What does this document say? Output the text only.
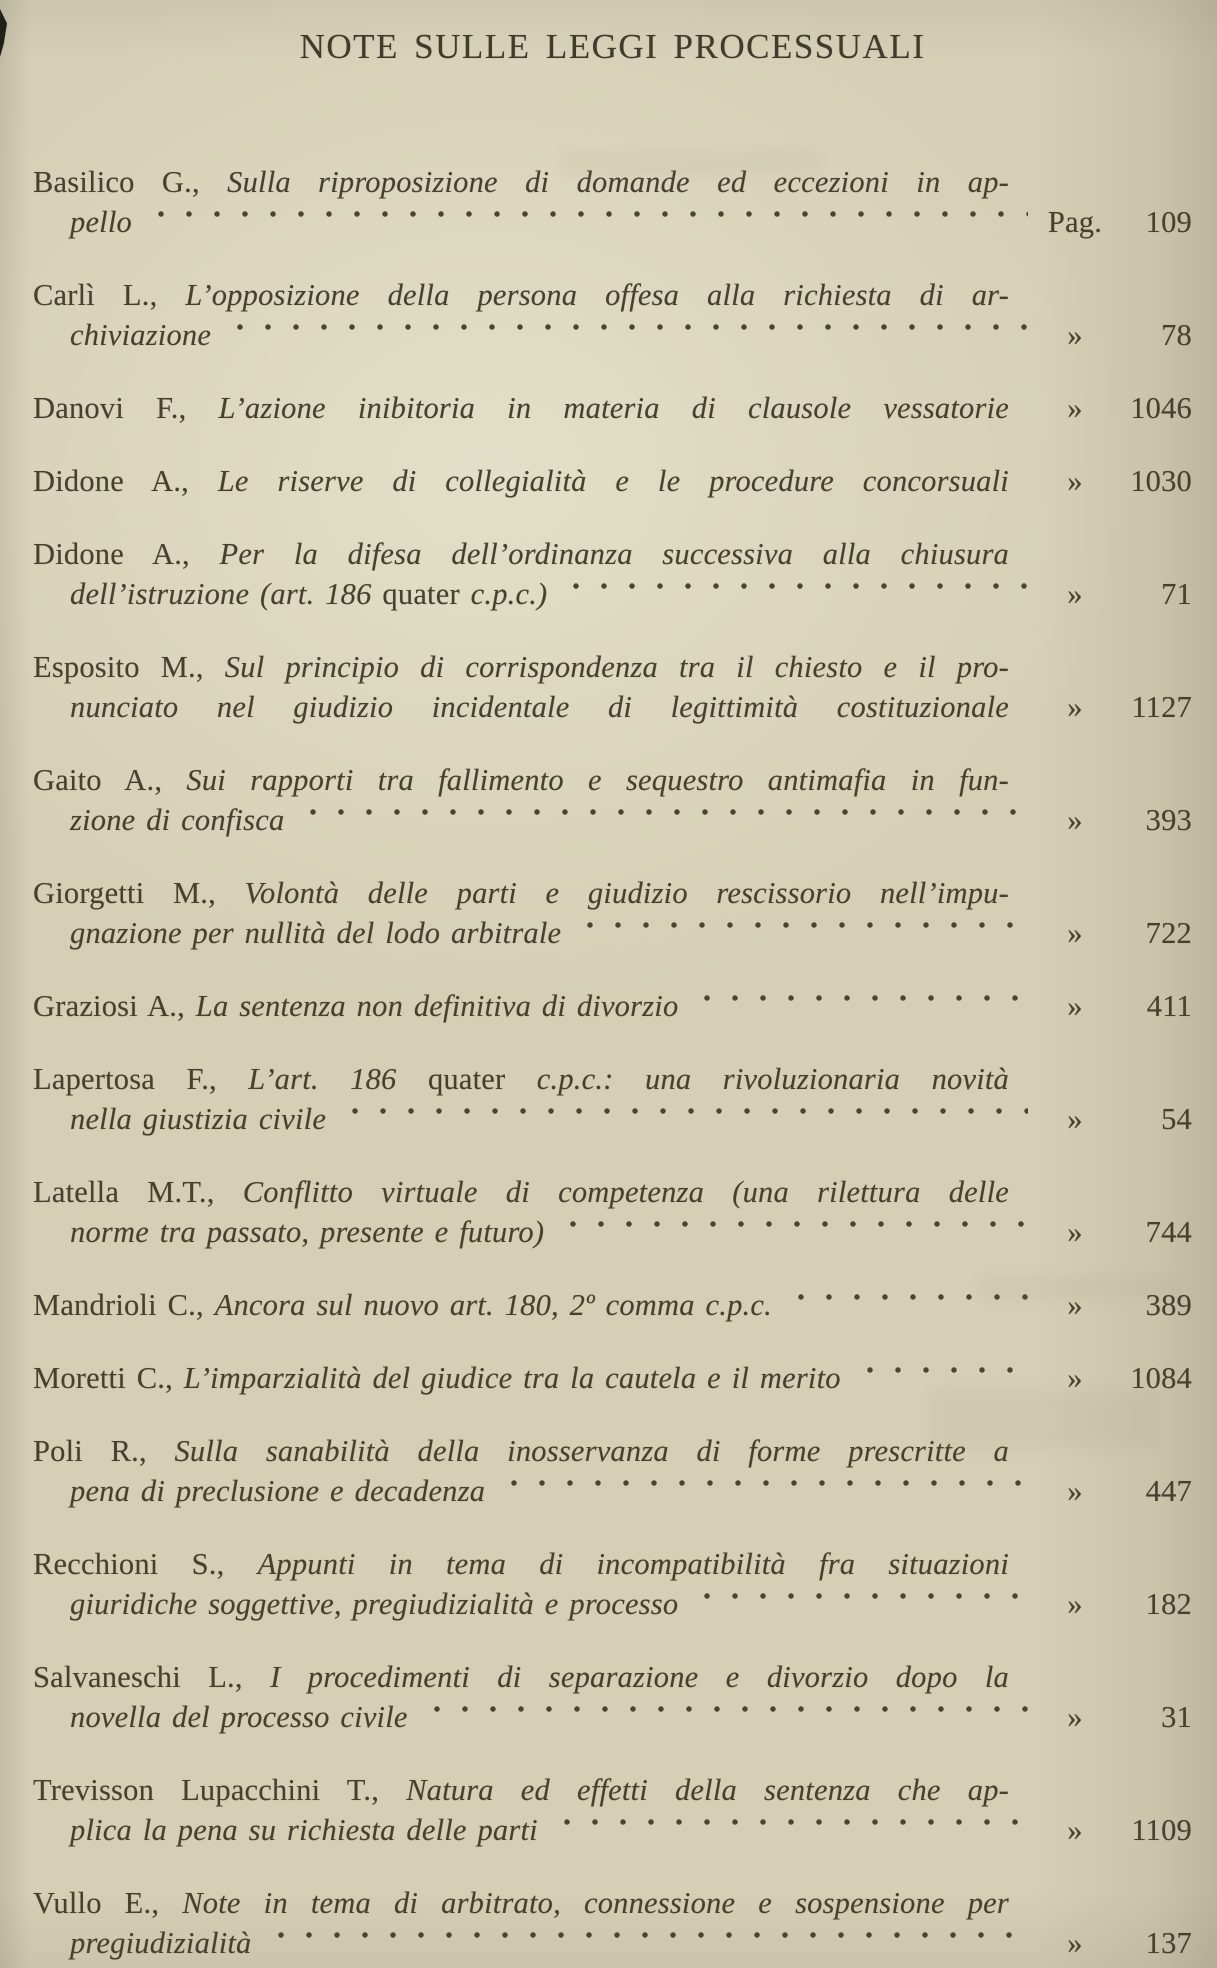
NOTE SULLE LEGGI PROCESSUALI
Basilico G., Sulla riproposizione di domande ed eccezioni in ap-
pello	Pag.	109
Carlì L., L’opposizione della persona offesa alla richiesta di ar-
chiviazione	»	78
Danovi F., L’azione inibitoria in materia di clausole vessatorie	»	1046
Didone A., Le riserve di collegialità e le procedure concorsuali	»	1030
Didone A., Per la difesa dell’ordinanza successiva alla chiusura
dell’istruzione (art. 186 quater c.p.c.)	»	71
Esposito M., Sul principio di corrispondenza tra il chiesto e il pro-
nunciato nel giudizio incidentale di legittimità costituzionale	»	1127
Gaito A., Sui rapporti tra fallimento e sequestro antimafia in fun-
zione di confisca	»	393
Giorgetti M., Volontà delle parti e giudizio rescissorio nell’impu-
gnazione per nullità del lodo arbitrale	»	722
Graziosi A., La sentenza non definitiva di divorzio	»	411
Lapertosa F., L’art. 186 quater c.p.c.: una rivoluzionaria novità
nella giustizia civile	»	54
Latella M.T., Conflitto virtuale di competenza (una rilettura delle
norme tra passato, presente e futuro)	»	744
Mandrioli C., Ancora sul nuovo art. 180, 2º comma c.p.c.	»	389
Moretti C., L’imparzialità del giudice tra la cautela e il merito	»	1084
Poli R., Sulla sanabilità della inosservanza di forme prescritte a
pena di preclusione e decadenza	»	447
Recchioni S., Appunti in tema di incompatibilità fra situazioni
giuridiche soggettive, pregiudizialità e processo	»	182
Salvaneschi L., I procedimenti di separazione e divorzio dopo la
novella del processo civile	»	31
Trevisson Lupacchini T., Natura ed effetti della sentenza che ap-
plica la pena su richiesta delle parti	»	1109
Vullo E., Note in tema di arbitrato, connessione e sospensione per
pregiudizialità	»	137
